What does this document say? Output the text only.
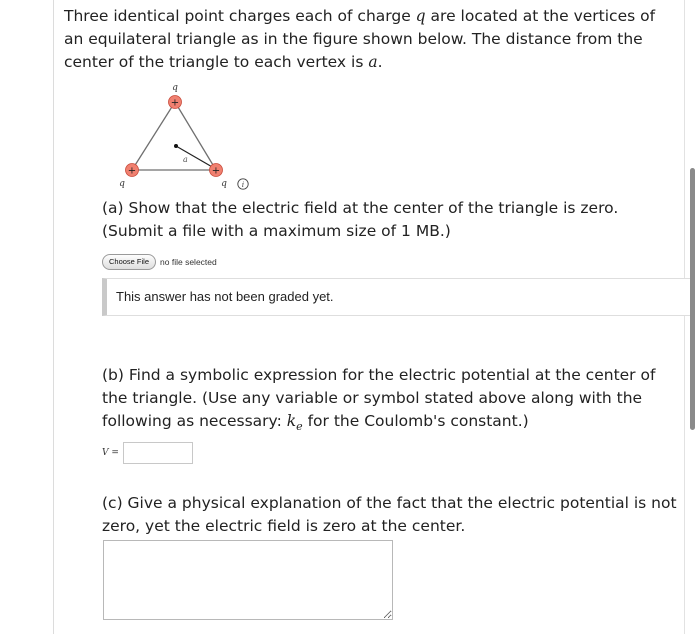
Three identical point charges each of charge q are located at the vertices of an equilateral triangle as in the figure shown below. The distance from the center of the triangle to each vertex is a.
a
+
q
+
q
+
q i
(a) Show that the electric field at the center of the triangle is zero. (Submit a file with a maximum size of 1 MB.)
Choose File	no file selected
This answer has not been graded yet.
(b) Find a symbolic expression for the electric potential at the center of the triangle. (Use any variable or symbol stated above along with the following as necessary: $k_e$ for the Coulomb's constant.)
V =
(c) Give a physical explanation of the fact that the electric potential is not zero, yet the electric field is zero at the center.
